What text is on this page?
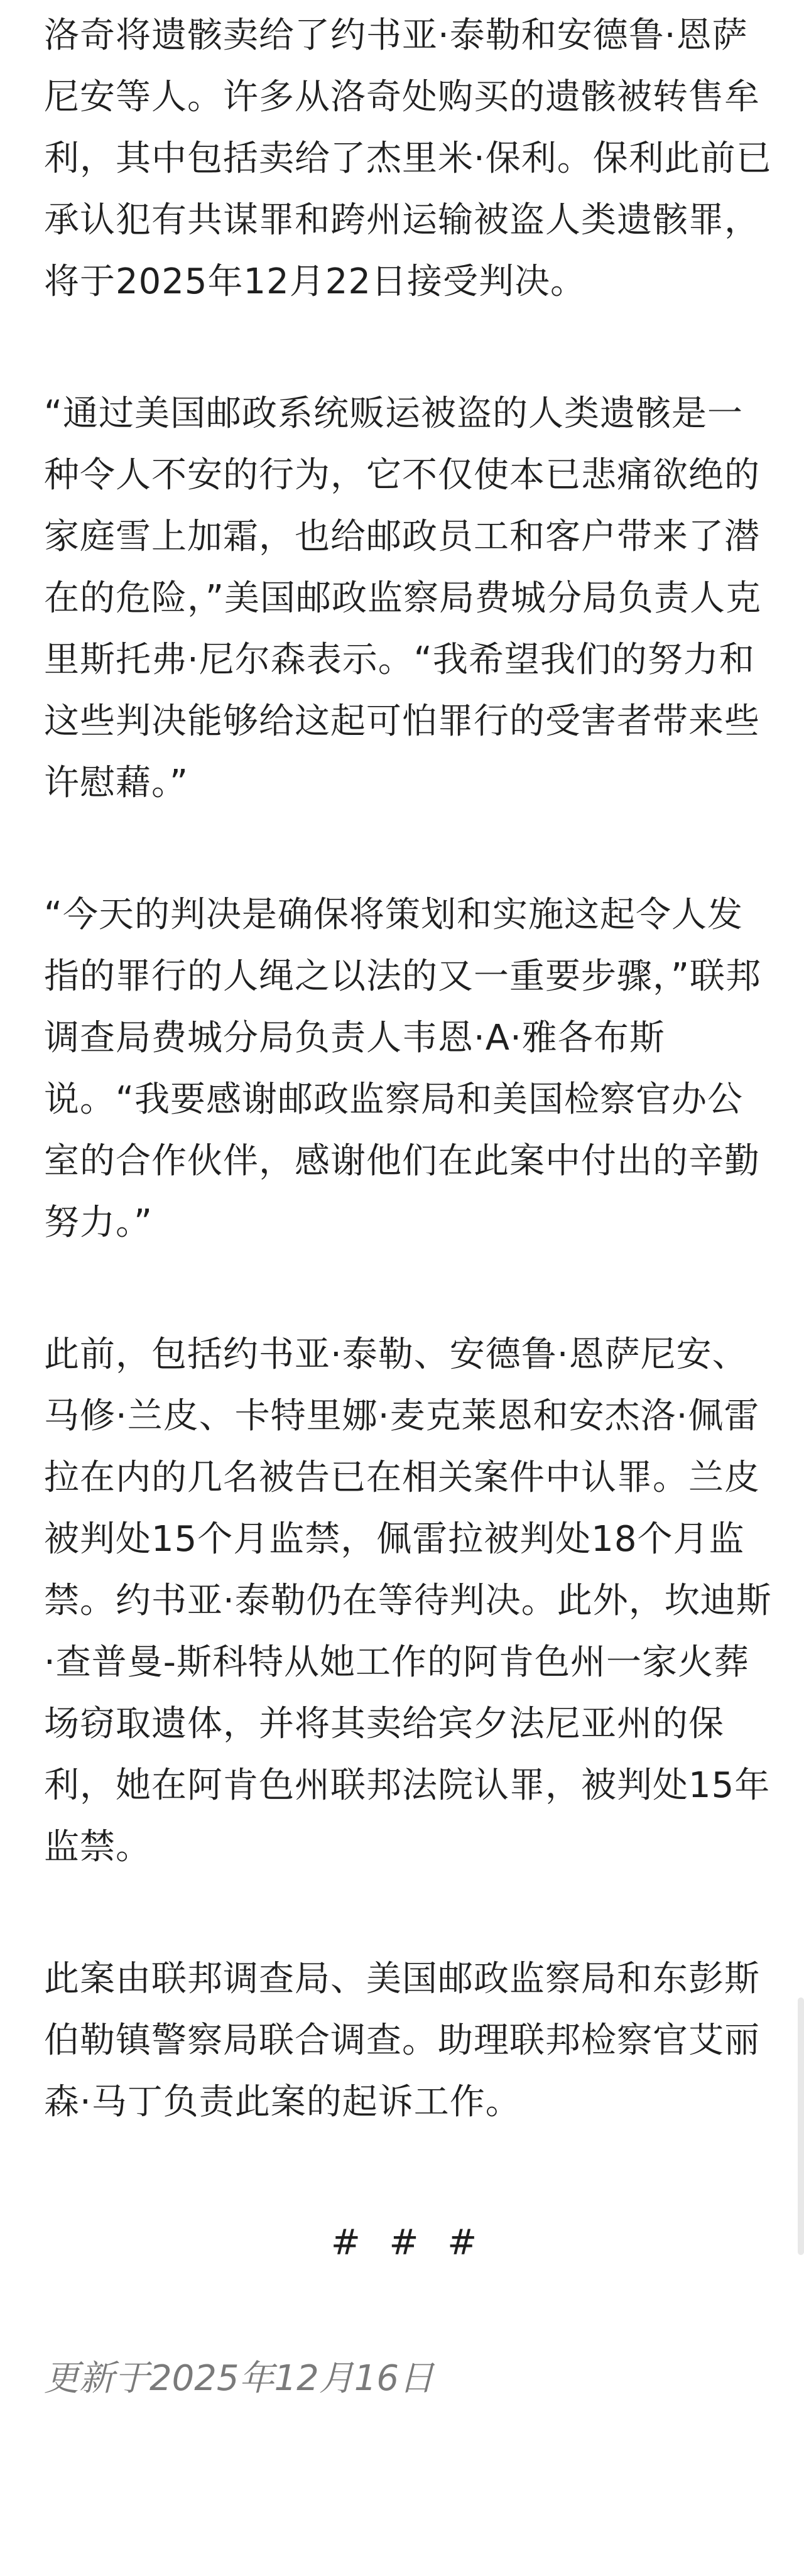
洛奇将遗骸卖给了约书亚·泰勒和安德鲁·恩萨尼安等人。许多从洛奇处购买的遗骸被转售牟利，其中包括卖给了杰里米·保利。保利此前已承认犯有共谋罪和跨州运输被盗人类遗骸罪，将于2025年12月22日接受判决。

“通过美国邮政系统贩运被盗的人类遗骸是一种令人不安的行为，它不仅使本已悲痛欲绝的家庭雪上加霜，也给邮政员工和客户带来了潜在的危险，”美国邮政监察局费城分局负责人克里斯托弗·尼尔森表示。“我希望我们的努力和这些判决能够给这起可怕罪行的受害者带来些许慰藉。”

“今天的判决是确保将策划和实施这起令人发指的罪行的人绳之以法的又一重要步骤，”联邦调查局费城分局负责人韦恩·A·雅各布斯说。“我要感谢邮政监察局和美国检察官办公室的合作伙伴，感谢他们在此案中付出的辛勤努力。”

此前，包括约书亚·泰勒、安德鲁·恩萨尼安、马修·兰皮、卡特里娜·麦克莱恩和安杰洛·佩雷拉在内的几名被告已在相关案件中认罪。兰皮被判处15个月监禁，佩雷拉被判处18个月监禁。约书亚·泰勒仍在等待判决。此外，坎迪斯·查普曼-斯科特从她工作的阿肯色州一家火葬场窃取遗体，并将其卖给宾夕法尼亚州的保利，她在阿肯色州联邦法院认罪，被判处15年监禁。

此案由联邦调查局、美国邮政监察局和东彭斯伯勒镇警察局联合调查。助理联邦检察官艾丽森·马丁负责此案的起诉工作。

# # #
更新于2025年12月16日
